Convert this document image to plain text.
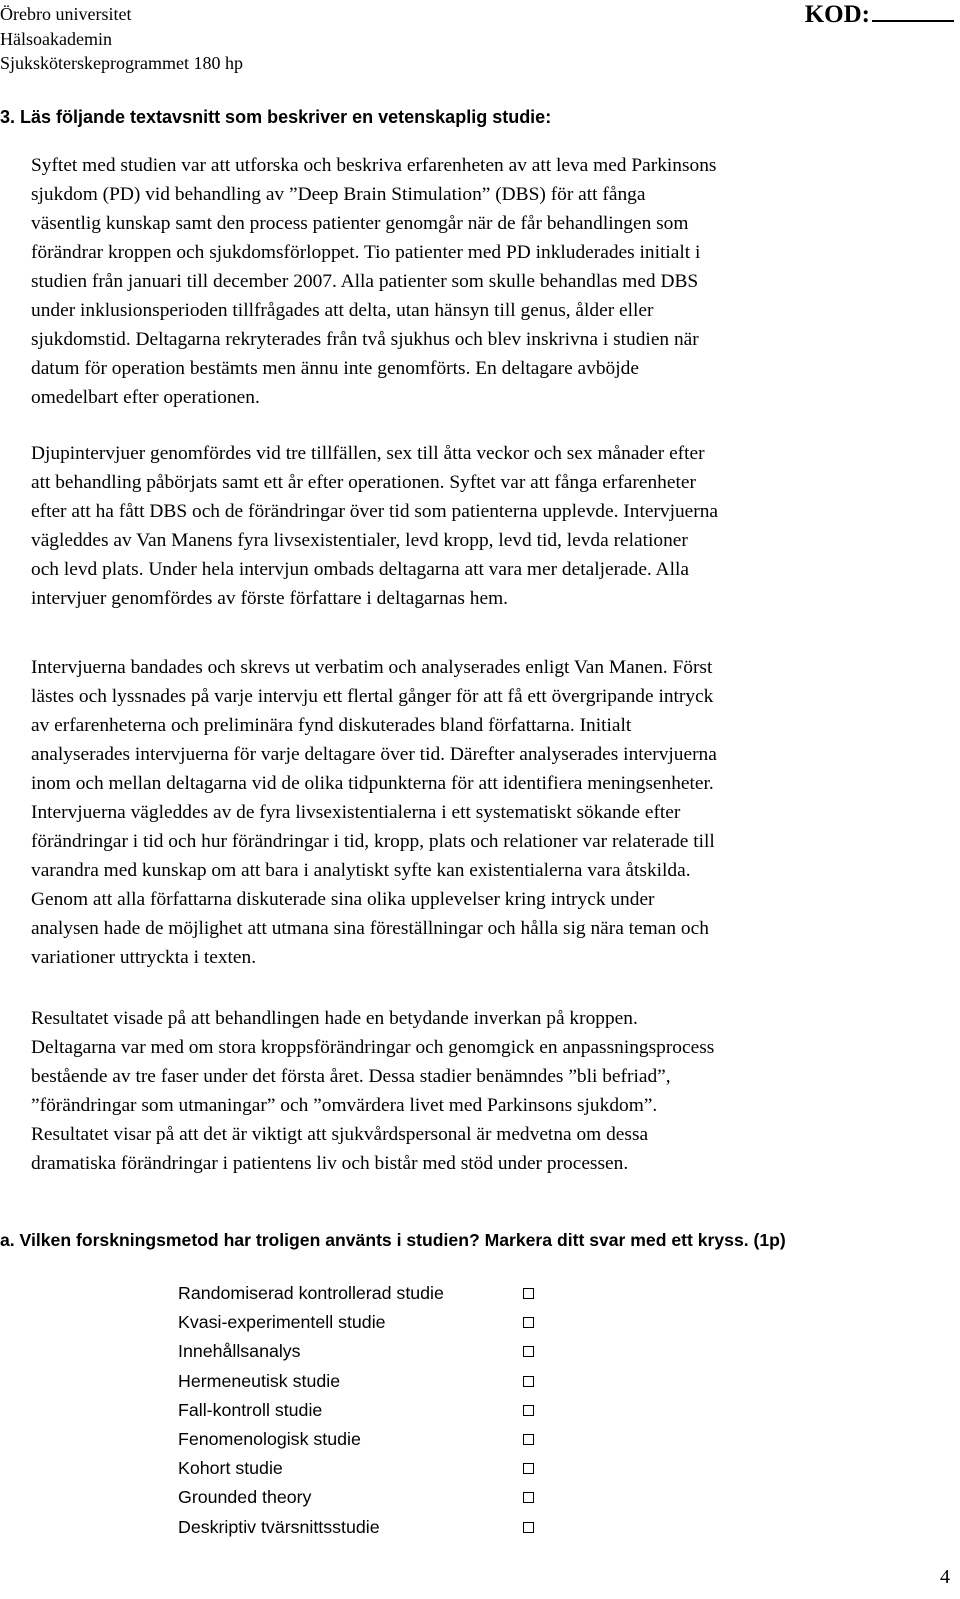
Örebro universitet
Hälsoakademin
Sjuksköterskeprogrammet 180 hp
KOD:
3. Läs följande textavsnitt som beskriver en vetenskaplig studie:
Syftet med studien var att utforska och beskriva erfarenheten av att leva med Parkinsons
sjukdom (PD) vid behandling av ”Deep Brain Stimulation” (DBS) för att fånga
väsentlig kunskap samt den process patienter genomgår när de får behandlingen som
förändrar kroppen och sjukdomsförloppet. Tio patienter med PD inkluderades initialt i
studien från januari till december 2007. Alla patienter som skulle behandlas med DBS
under inklusionsperioden tillfrågades att delta, utan hänsyn till genus, ålder eller
sjukdomstid. Deltagarna rekryterades från två sjukhus och blev inskrivna i studien när
datum för operation bestämts men ännu inte genomförts. En deltagare avböjde
omedelbart efter operationen.
Djupintervjuer genomfördes vid tre tillfällen, sex till åtta veckor och sex månader efter
att behandling påbörjats samt ett år efter operationen. Syftet var att fånga erfarenheter
efter att ha fått DBS och de förändringar över tid som patienterna upplevde. Intervjuerna
vägleddes av Van Manens fyra livsexistentialer, levd kropp, levd tid, levda relationer
och levd plats. Under hela intervjun ombads deltagarna att vara mer detaljerade. Alla
intervjuer genomfördes av förste författare i deltagarnas hem.
Intervjuerna bandades och skrevs ut verbatim och analyserades enligt Van Manen. Först
lästes och lyssnades på varje intervju ett flertal gånger för att få ett övergripande intryck
av erfarenheterna och preliminära fynd diskuterades bland författarna. Initialt
analyserades intervjuerna för varje deltagare över tid. Därefter analyserades intervjuerna
inom och mellan deltagarna vid de olika tidpunkterna för att identifiera meningsenheter.
Intervjuerna vägleddes av de fyra livsexistentialerna i ett systematiskt sökande efter
förändringar i tid och hur förändringar i tid, kropp, plats och relationer var relaterade till
varandra med kunskap om att bara i analytiskt syfte kan existentialerna vara åtskilda.
Genom att alla författarna diskuterade sina olika upplevelser kring intryck under
analysen hade de möjlighet att utmana sina föreställningar och hålla sig nära teman och
variationer uttryckta i texten.
Resultatet visade på att behandlingen hade en betydande inverkan på kroppen.
Deltagarna var med om stora kroppsförändringar och genomgick en anpassningsprocess
bestående av tre faser under det första året. Dessa stadier benämndes ”bli befriad”,
”förändringar som utmaningar” och ”omvärdera livet med Parkinsons sjukdom”.
Resultatet visar på att det är viktigt att sjukvårdspersonal är medvetna om dessa
dramatiska förändringar i patientens liv och bistår med stöd under processen.
a. Vilken forskningsmetod har troligen använts i studien? Markera ditt svar med ett kryss. (1p)
Randomiserad kontrollerad studie
Kvasi-experimentell studie
Innehållsanalys
Hermeneutisk studie
Fall-kontroll studie
Fenomenologisk studie
Kohort studie
Grounded theory
Deskriptiv tvärsnittsstudie
4
